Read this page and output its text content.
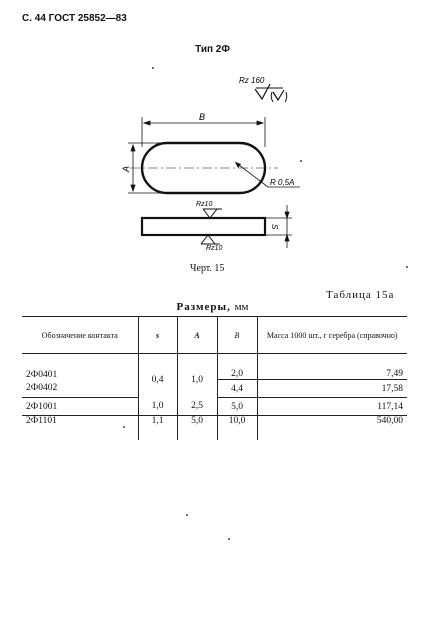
С. 44 ГОСТ 25852—83
Тип 2Ф
Rz 160
B
A
R 0,5A
S
Rz10
Rz10
Черт. 15
Таблица 15а
Размеры, мм
Обозначение контакта	s	A	B	Масса 1000 шт., г серебра (справочно)
2Ф0401	0,4	1,0	2,0	7,49
2Ф0402			4,4	17,58
2Ф1001	1,0	2,5	5,0	117,14
2Ф1101	1,1	5,0	10,0	540,00
